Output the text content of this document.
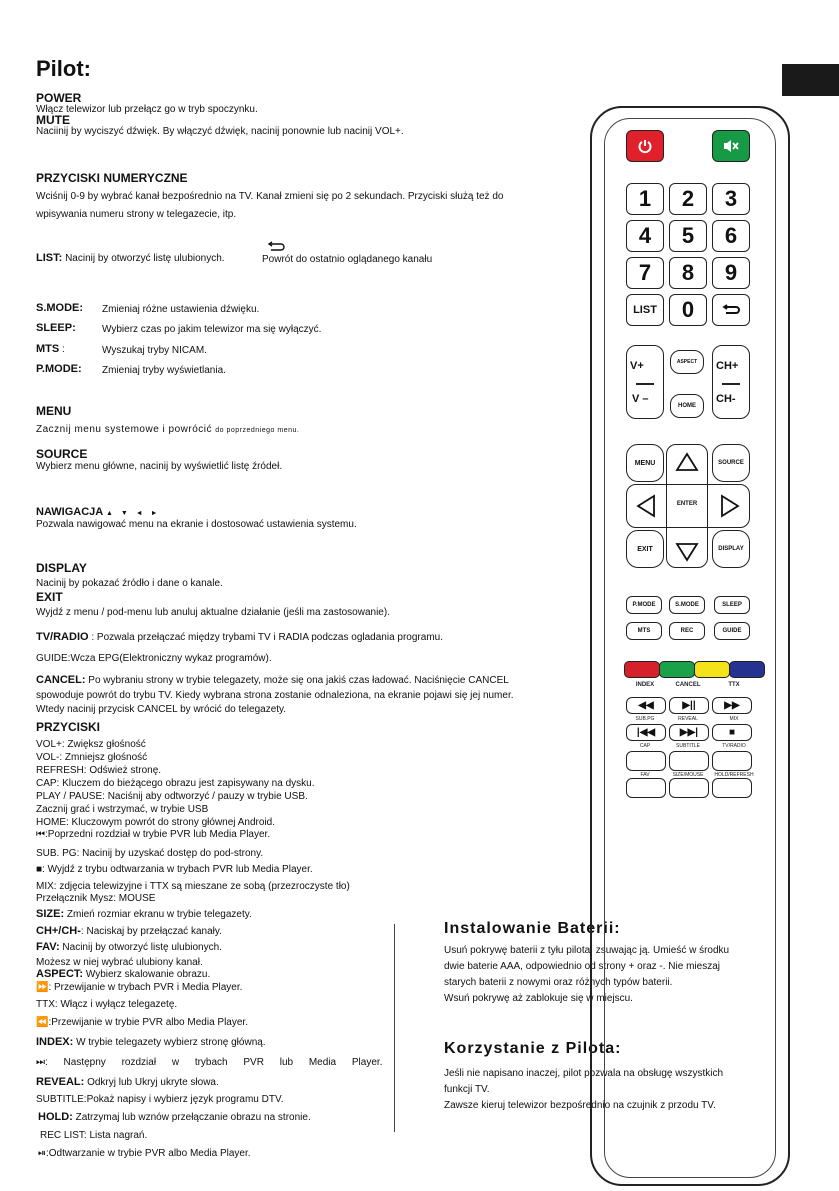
Pilot:
POWER
Włącz telewizor lub przełącz go w tryb spoczynku.
MUTE
Naciinij by wyciszyć dźwięk. By włączyć dźwięk, nacinij ponownie lub nacinij VOL+.
PRZYCISKI NUMERYCZNE
Wciśnij 0-9 by wybrać kanał bezpośrednio na TV. Kanał zmieni się po 2 sekundach. Przyciski służą też do
wpisywania numeru strony w telegazecie, itp.
LIST: Nacinij by otworzyć listę ulubionych.	Powrót do ostatnio oglądanego kanału
S.MODE: Zmieniaj różne ustawienia dźwięku.
SLEEP:	Wybierz czas po jakim telewizor ma się wyłączyć.
MTS :	Wyszukaj tryby NICAM.
P.MODE: Zmieniaj tryby wyświetlania.
MENU
Zacznij menu systemowe i powrócić do poprzedniego menu.
SOURCE
Wybierz menu główne, nacinij by wyświetlić listę źródeł.
NAWIGACJA ▲ ▼ ◄ ►
Pozwala nawigować menu na ekranie i dostosować ustawienia systemu.
DISPLAY
Nacinij by pokazać źródło i dane o kanale.
EXIT
Wyjdź z menu / pod-menu lub anuluj aktualne działanie (jeśli ma zastosowanie).
TV/RADIO : Pozwala przełączać między trybami TV i RADIA podczas ogladania programu.
GUIDE:Wcza EPG(Elektroniczny wykaz programów).
CANCEL: Po wybraniu strony w trybie telegazety, może się ona jakiś czas ładować. Naciśnięcie CANCEL
spowoduje powrót do trybu TV. Kiedy wybrana strona zostanie odnaleziona, na ekranie pojawi się jej numer.
Wtedy nacinij przycisk CANCEL by wrócić do telegazety.
PRZYCISKI
VOL+: Zwiększ głośność
VOL-: Zmniejsz głośność
REFRESH: Odśwież stronę.
CAP: Kluczem do bieżącego obrazu jest zapisywany na dysku.
PLAY / PAUSE: Naciśnij aby odtworzyć / pauzy w trybie USB.
Zacznij grać i wstrzymać, w trybie USB
HOME: Kluczowym powrót do strony głównej Android.
⏮:Poprzedni rozdział w trybie PVR lub Media Player.
SUB. PG: Nacinij by uzyskać dostęp do pod-strony.
■: Wyjdź z trybu odtwarzania w trybach PVR lub Media Player.
MIX: zdjęcia telewizyjne i TTX są mieszane ze sobą (przezroczyste tło)
Przełącznik Mysz: MOUSE
SIZE: Zmień rozmiar ekranu w trybie telegazety.
CH+/CH-: Naciskaj by przełączać kanały.
FAV: Nacinij by otworzyć listę ulubionych.
Możesz w niej wybrać ulubiony kanał.
ASPECT: Wybierz skalowanie obrazu.
⏩: Przewijanie w trybach PVR i Media Player.
TTX: Włącz i wyłącz telegazetę.
⏪:Przewijanie w trybie PVR albo Media Player.
INDEX: W trybie telegazety wybierz stronę główną.
⏭: Następny rozdział w trybach PVR lub Media Player.
REVEAL: Odkryj lub Ukryj ukryte słowa.
SUBTITLE:Pokaż napisy i wybierz język programu DTV.
HOLD: Zatrzymaj lub wznów przełączanie obrazu na stronie.
REC LIST: Lista nagrań.
⏯:Odtwarzanie w trybie PVR albo Media Player.
Instalowanie Baterii:
Usuń pokrywę baterii z tyłu pilota, zsuwając ją. Umieść w środku
dwie baterie AAA, odpowiednio od strony + oraz -. Nie mieszaj
starych baterii z nowymi oraz różnych typów baterii.
Wsuń pokrywę aż zablokuje się w miejscu.
Korzystanie z Pilota:
Jeśli nie napisano inaczej, pilot pozwala na obsługę wszystkich
funkcji TV.
Zawsze kieruj telewizor bezpośrednio na czujnik z przodu TV.
1	2	3
4	5	6
7	8	9
LIST	0
V+
V –
CH+
CH-
ASPECT
HOME
MENU	SOURCE
EXIT	DISPLAY
ENTER
P.MODE	S.MODE	SLEEP
MTS	REC	GUIDE
INDEX	CANCEL	TTX
◀◀	▶||	▶▶
SUB.PG	REVEAL	MIX
|◀◀ ▶▶|	■
CAP	SUBTITLE	TV/RADIO
FAV	SIZE/MOUSE	HOLD/REFRESH
